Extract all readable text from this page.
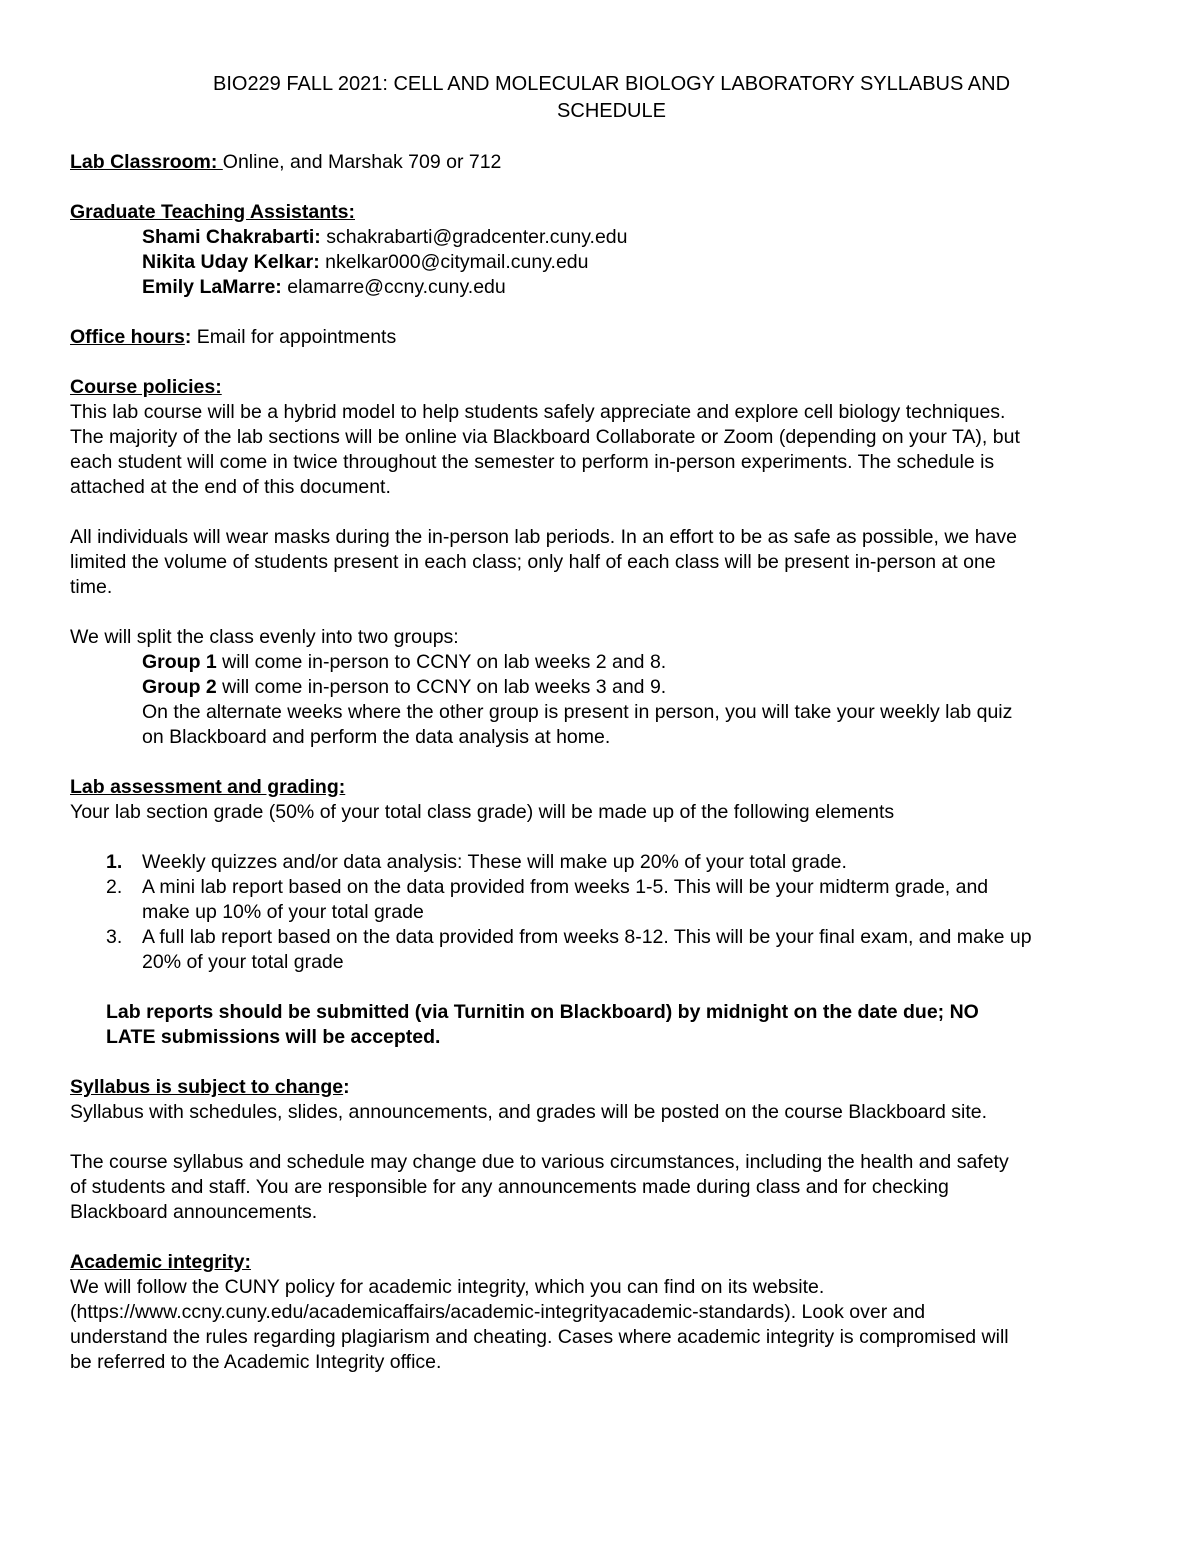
BIO229 FALL 2021: CELL AND MOLECULAR BIOLOGY LABORATORY SYLLABUS AND
SCHEDULE

Lab Classroom: Online, and Marshak 709 or 712

Graduate Teaching Assistants:

Shami Chakrabarti: schakrabarti@gradcenter.cuny.edu

Nikita Uday Kelkar: nkelkar000@citymail.cuny.edu

Emily LaMarre: elamarre@ccny.cuny.edu

Office hours: Email for appointments

Course policies:

This lab course will be a hybrid model to help students safely appreciate and explore cell biology techniques.
The majority of the lab sections will be online via Blackboard Collaborate or Zoom (depending on your TA), but
each student will come in twice throughout the semester to perform in-person experiments. The schedule is
attached at the end of this document.

All individuals will wear masks during the in-person lab periods. In an effort to be as safe as possible, we have
limited the volume of students present in each class; only half of each class will be present in-person at one
time.

We will split the class evenly into two groups:

Group 1 will come in-person to CCNY on lab weeks 2 and 8.

Group 2 will come in-person to CCNY on lab weeks 3 and 9.

On the alternate weeks where the other group is present in person, you will take your weekly lab quiz
on Blackboard and perform the data analysis at home.

Lab assessment and grading:

Your lab section grade (50% of your total class grade) will be made up of the following elements

1. Weekly quizzes and/or data analysis: These will make up 20% of your total grade.
2. A mini lab report based on the data provided from weeks 1-5. This will be your midterm grade, and
make up 10% of your total grade
3. A full lab report based on the data provided from weeks 8-12. This will be your final exam, and make up
20% of your total grade

Lab reports should be submitted (via Turnitin on Blackboard) by midnight on the date due; NO
LATE submissions will be accepted.

Syllabus is subject to change:

Syllabus with schedules, slides, announcements, and grades will be posted on the course Blackboard site.

The course syllabus and schedule may change due to various circumstances, including the health and safety
of students and staff. You are responsible for any announcements made during class and for checking
Blackboard announcements.

Academic integrity:

We will follow the CUNY policy for academic integrity, which you can find on its website.
(https://www.ccny.cuny.edu/academicaffairs/academic-integrityacademic-standards). Look over and
understand the rules regarding plagiarism and cheating. Cases where academic integrity is compromised will
be referred to the Academic Integrity office.
